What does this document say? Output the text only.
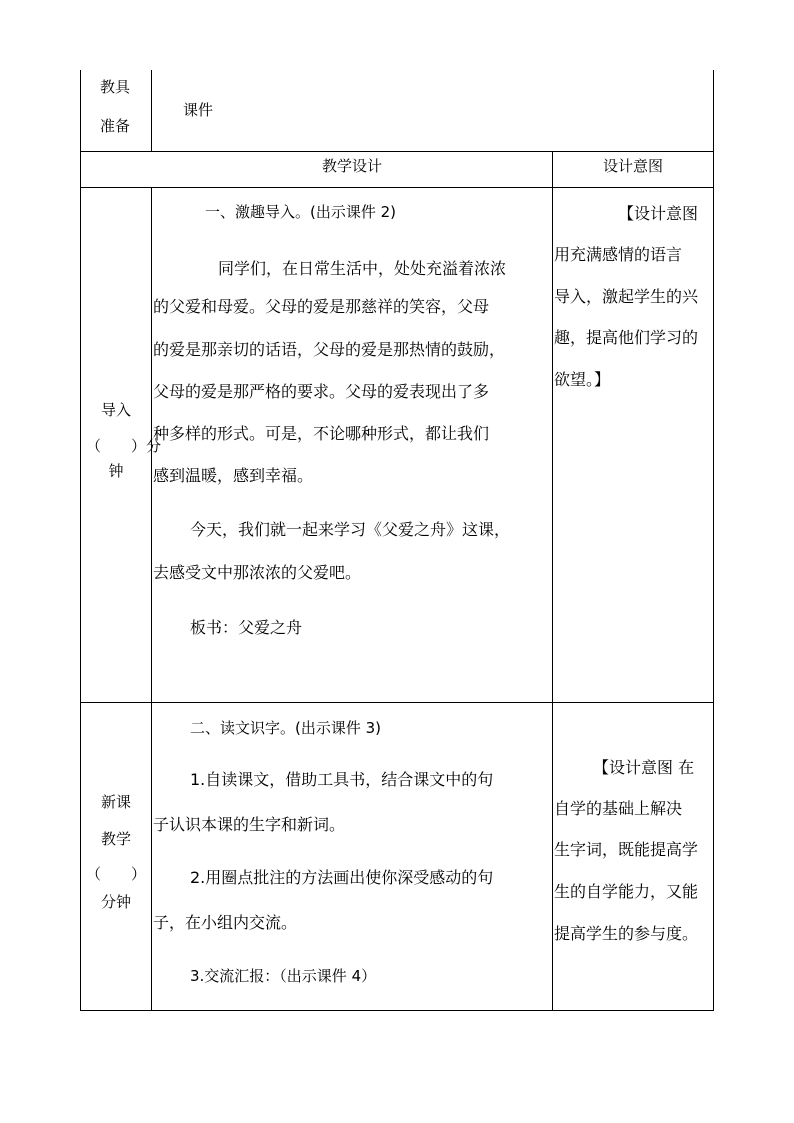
教具
准备
课件
教学设计	设计意图
导入
（　　）分
钟
一、激趣导入。(出示课件 2)
同学们，在日常生活中，处处充溢着浓浓
的父爱和母爱。父母的爱是那慈祥的笑容，父母
的爱是那亲切的话语，父母的爱是那热情的鼓励，
父母的爱是那严格的要求。父母的爱表现出了多
种多样的形式。可是，不论哪种形式，都让我们
感到温暖，感到幸福。
今天，我们就一起来学习《父爱之舟》这课，
去感受文中那浓浓的父爱吧。
板书：父爱之舟
【设计意图
用充满感情的语言
导入，激起学生的兴
趣，提高他们学习的
欲望。】
新课
教学
（　　）
分钟
二、读文识字。(出示课件 3)
1.自读课文，借助工具书，结合课文中的句
子认识本课的生字和新词。
2.用圈点批注的方法画出使你深受感动的句
子，在小组内交流。
3.交流汇报：（出示课件 4）
【设计意图 在
自学的基础上解决
生字词，既能提高学
生的自学能力，又能
提高学生的参与度。
